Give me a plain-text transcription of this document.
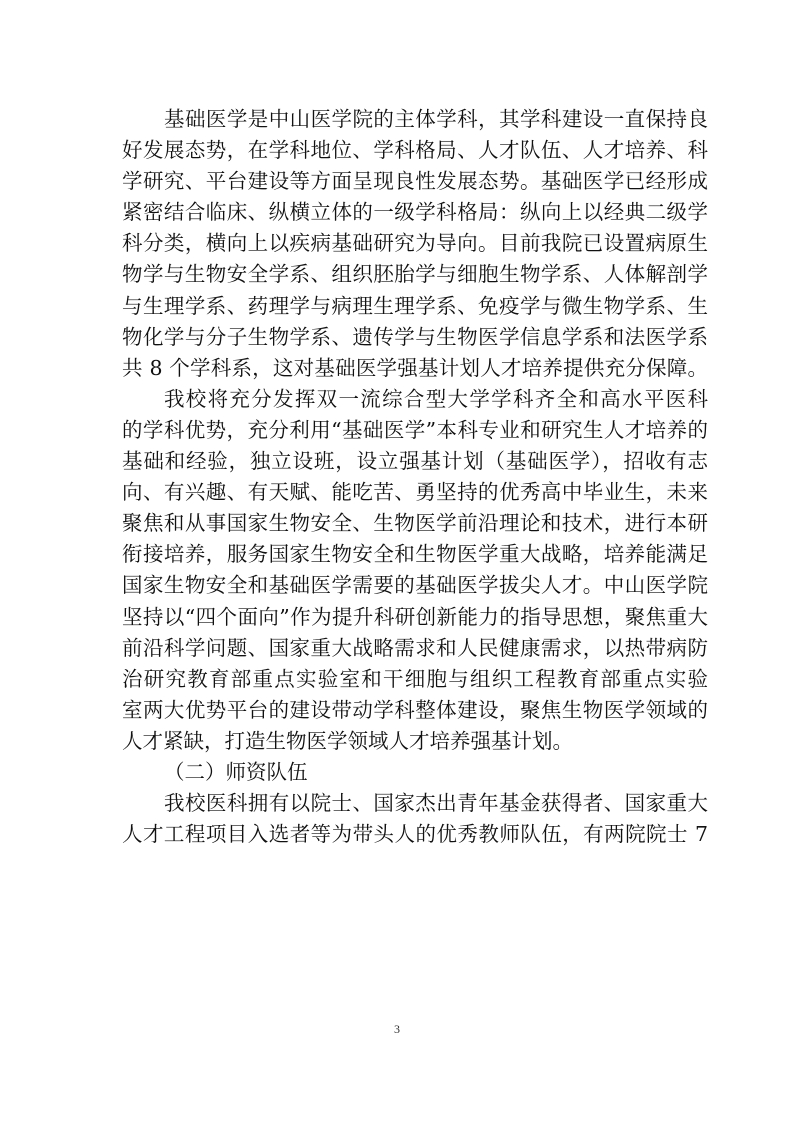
基础医学是中山医学院的主体学科，其学科建设一直保持良
好发展态势，在学科地位、学科格局、人才队伍、人才培养、科
学研究、平台建设等方面呈现良性发展态势。基础医学已经形成
紧密结合临床、纵横立体的一级学科格局：纵向上以经典二级学
科分类，横向上以疾病基础研究为导向。目前我院已设置病原生
物学与生物安全学系、组织胚胎学与细胞生物学系、人体解剖学
与生理学系、药理学与病理生理学系、免疫学与微生物学系、生
物化学与分子生物学系、遗传学与生物医学信息学系和法医学系
共 8 个学科系，这对基础医学强基计划人才培养提供充分保障。
我校将充分发挥双一流综合型大学学科齐全和高水平医科
的学科优势，充分利用“基础医学”本科专业和研究生人才培养的
基础和经验，独立设班，设立强基计划（基础医学），招收有志
向、有兴趣、有天赋、能吃苦、勇坚持的优秀高中毕业生，未来
聚焦和从事国家生物安全、生物医学前沿理论和技术，进行本研
衔接培养，服务国家生物安全和生物医学重大战略，培养能满足
国家生物安全和基础医学需要的基础医学拔尖人才。中山医学院
坚持以“四个面向”作为提升科研创新能力的指导思想，聚焦重大
前沿科学问题、国家重大战略需求和人民健康需求，以热带病防
治研究教育部重点实验室和干细胞与组织工程教育部重点实验
室两大优势平台的建设带动学科整体建设，聚焦生物医学领域的
人才紧缺，打造生物医学领域人才培养强基计划。
（二）师资队伍
我校医科拥有以院士、国家杰出青年基金获得者、国家重大
人才工程项目入选者等为带头人的优秀教师队伍，有两院院士 7
3
